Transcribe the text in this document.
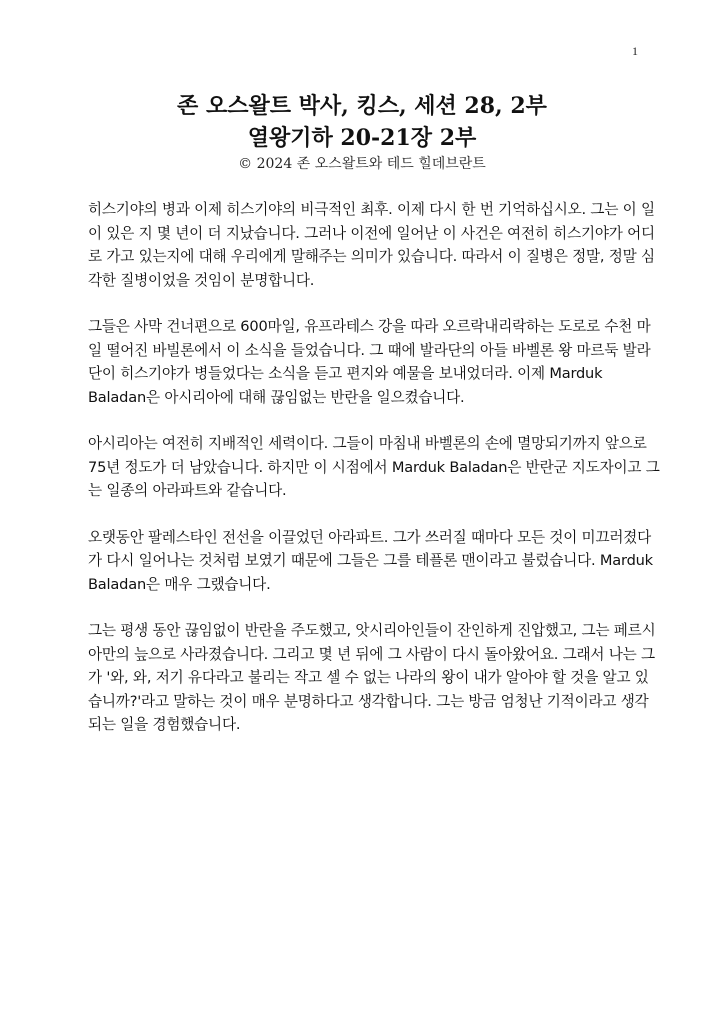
1

존 오스왈트 박사, 킹스, 세션 28, 2부

열왕기하 20-21장 2부

© 2024 존 오스왈트와 테드 힐데브란트

히스기야의 병과 이제 히스기야의 비극적인 최후. 이제 다시 한 번 기억하십시오. 그는 이 일이 있은 지 몇 년이 더 지났습니다. 그러나 이전에 일어난 이 사건은 여전히 히스기야가 어디로 가고 있는지에 대해 우리에게 말해주는 의미가 있습니다. 따라서 이 질병은 정말, 정말 심각한 질병이었을 것임이 분명합니다.

그들은 사막 건너편으로 600마일, 유프라테스 강을 따라 오르락내리락하는 도로로 수천 마일 떨어진 바빌론에서 이 소식을 들었습니다. 그 때에 발라단의 아들 바벨론 왕 마르둑 발라단이 히스기야가 병들었다는 소식을 듣고 편지와 예물을 보내었더라. 이제 Marduk Baladan은 아시리아에 대해 끊임없는 반란을 일으켰습니다.

아시리아는 여전히 지배적인 세력이다. 그들이 마침내 바벨론의 손에 멸망되기까지 앞으로 75년 정도가 더 남았습니다. 하지만 이 시점에서 Marduk Baladan은 반란군 지도자이고 그는 일종의 아라파트와 같습니다.

오랫동안 팔레스타인 전선을 이끌었던 아라파트. 그가 쓰러질 때마다 모든 것이 미끄러졌다가 다시 일어나는 것처럼 보였기 때문에 그들은 그를 테플론 맨이라고 불렀습니다. Marduk Baladan은 매우 그랬습니다.

그는 평생 동안 끊임없이 반란을 주도했고, 앗시리아인들이 잔인하게 진압했고, 그는 페르시아만의 늪으로 사라졌습니다. 그리고 몇 년 뒤에 그 사람이 다시 돌아왔어요. 그래서 나는 그가 '와, 와, 저기 유다라고 불리는 작고 셀 수 없는 나라의 왕이 내가 알아야 할 것을 알고 있습니까?'라고 말하는 것이 매우 분명하다고 생각합니다. 그는 방금 엄청난 기적이라고 생각되는 일을 경험했습니다.
